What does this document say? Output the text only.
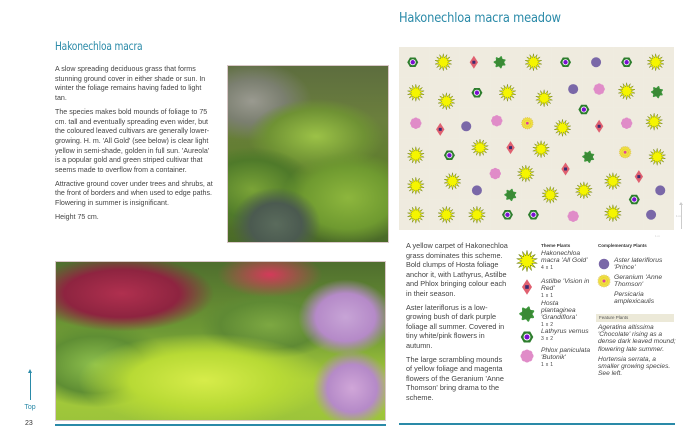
Hakonechloa macra

A slow spreading deciduous grass that forms stunning ground cover in either shade or sun. In winter the foliage remains having faded to light tan.

The species makes bold mounds of foliage to 75 cm. tall and eventually spreading even wider, but the coloured leaved cultivars are generally lower-growing. H. m. 'All Gold' (see below) is clear light yellow in semi-shade, golden in full sun. 'Aureola' is a popular gold and green striped cultivar that seems made to overflow from a container.

Attractive ground cover under trees and shrubs, at the front of borders and when used to edge paths. Flowering in summer is insignificant.

Height 75 cm.

Top
23
Hakonechloa macra meadow
1 m
1 m

A yellow carpet of Hakonechloa grass dominates this scheme. Bold clumps of Hosta foliage anchor it, with Lathyrus, Astilbe and Phlox bringing colour each in their season.

Aster lateriflorus is a low-growing bush of dark purple foliage all summer. Covered in tiny white/pink flowers in autumn.

The large scrambling mounds of yellow foliage and magenta flowers of the Geranium 'Anne Thomson' bring drama to the scheme.

Theme Plants
Hakonechloa macra 'All Gold'
4 x 1
Astilbe 'Vision in Red'
1 x 1
Hosta plantaginea 'Grandiflora'
1 x 2
Lathyrus vernus
3 x 2
Phlox paniculata 'Butonik'
1 x 1
Complementary Plants
Aster lateriflorus 'Prince'
Geranium 'Anne Thomson'
Persicaria amplexicaulis
Feature Plants

Ageratina altissima 'Chocolate' rising as a dense dark leaved mound; flowering late summer.

Hortensia serrata, a smaller growing species. See left.
